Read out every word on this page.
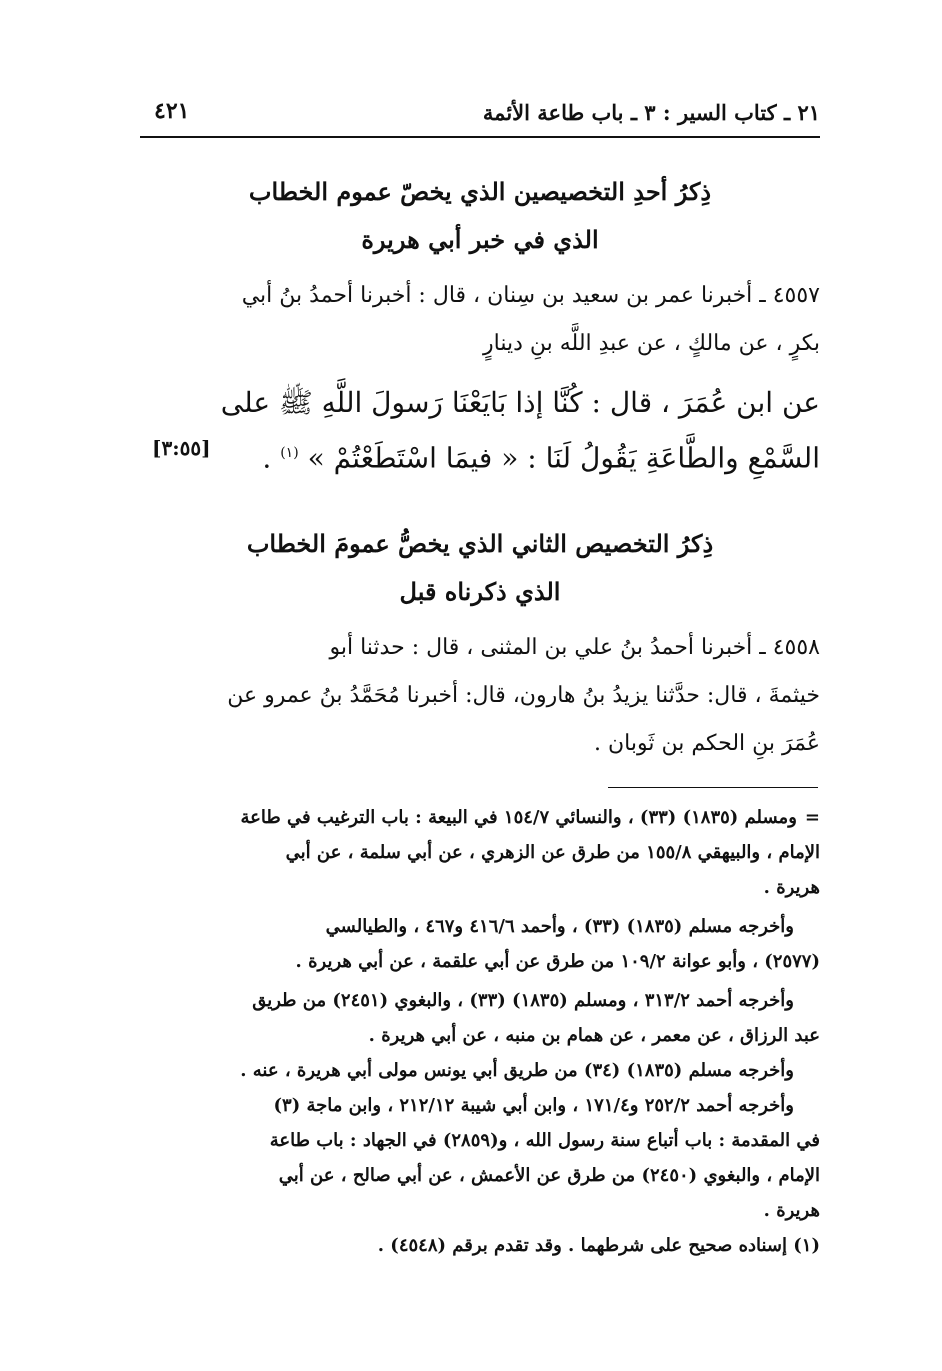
٢١ ـ كتاب السير : ٣ ـ باب طاعة الأئمة
٤٢١
ذِكرُ أحدِ التخصيصين الذي يخصّ عموم الخطاب
الذي في خبر أبي هريرة
٤٥٥٧ ـ أخبرنا عمر بن سعيد بن سِنان ، قال : أخبرنا أحمدُ بنُ أبي
بكرٍ ، عن مالكٍ ، عن عبدِ اللَّه بنِ دينارٍ
عن ابن عُمَرَ ، قال : كُنَّا إذا بَايَعْنَا رَسولَ اللَّهِ ﷺ على
السَّمْعِ والطَّاعَةِ يَقُولُ لَنَا : « فيمَا اسْتَطَعْتُمْ » $^{(١)}$ .
[٣:٥٥]
ذِكرُ التخصيص الثاني الذي يخصُّ عمومَ الخطاب
الذي ذكرناه قبل
٤٥٥٨ ـ أخبرنا أحمدُ بنُ علي بن المثنى ، قال : حدثنا أبو
خيثمةَ ، قال: حدَّثنا يزيدُ بنُ هارون، قال: أخبرنا مُحَمَّدُ بنُ عمرو عن
عُمَرَ بنِ الحكم بن ثَوبان .

=ومسلم (١٨٣٥) (٣٣) ، والنسائي ١٥٤/٧ في البيعة : باب الترغيب في طاعة

الإمام ، والبيهقي ١٥٥/٨ من طرق عن الزهري ، عن أبي سلمة ، عن أبي

هريرة .

وأخرجه مسلم (١٨٣٥) (٣٣) ، وأحمد ٤١٦/٦ و٤٦٧ ، والطيالسي

(٢٥٧٧) ، وأبو عوانة ١٠٩/٢ من طرق عن أبي علقمة ، عن أبي هريرة .

وأخرجه أحمد ٣١٣/٢ ، ومسلم (١٨٣٥) (٣٣) ، والبغوي (٢٤٥١) من طريق

عبد الرزاق ، عن معمر ، عن همام بن منبه ، عن أبي هريرة .

وأخرجه مسلم (١٨٣٥) (٣٤) من طريق أبي يونس مولى أبي هريرة ، عنه .

وأخرجه أحمد ٢٥٢/٢ و١٧١/٤ ، وابن أبي شيبة ٢١٢/١٢ ، وابن ماجة (٣)

في المقدمة : باب أتباع سنة رسول الله ، و(٢٨٥٩) في الجهاد : باب طاعة

الإمام ، والبغوي (٢٤٥٠) من طرق عن الأعمش ، عن أبي صالح ، عن أبي

هريرة .

(١) إسناده صحيح على شرطهما . وقد تقدم برقم (٤٥٤٨) .
